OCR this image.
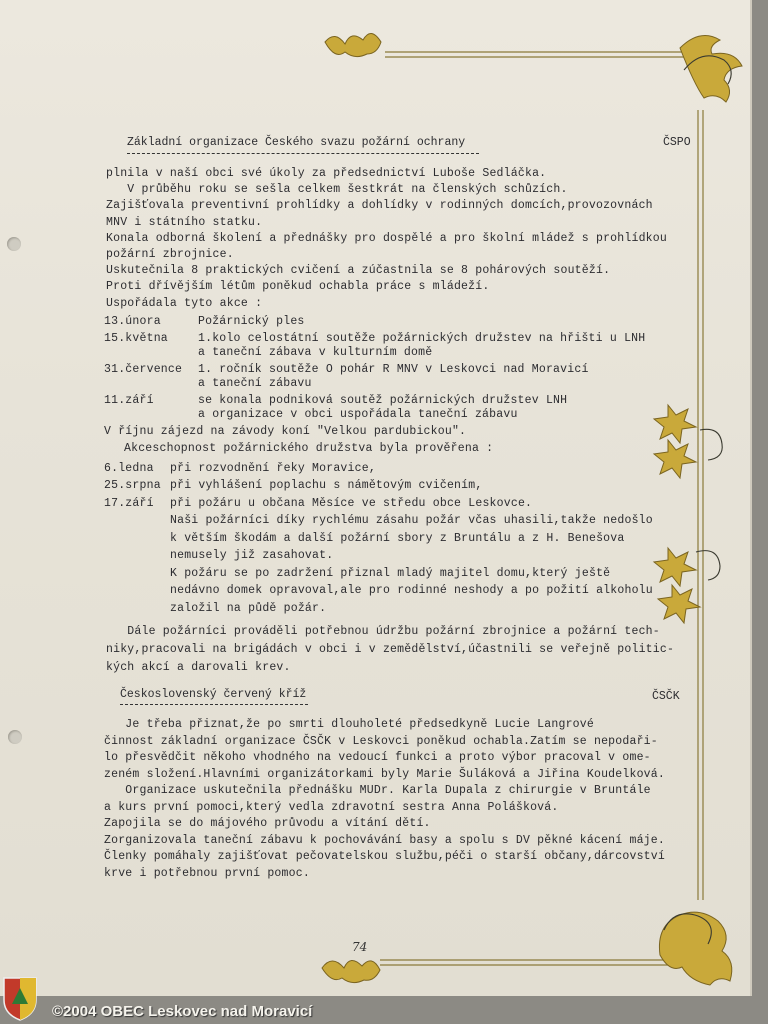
Základní organizace Českého svazu požární ochrany	ČSPO
plnila v naší obci své úkoly za předsednictví Luboše Sedláčka.
V průběhu roku se sešla celkem šestkrát na členských schůzích.
Zajišťovala preventivní prohlídky a dohlídky v rodinných domcích,provozovnách
MNV i státního statku.
Konala odborná školení a přednášky pro dospělé a pro školní mládež s prohlídkou
požární zbrojnice.
Uskutečnila 8 praktických cvičení a zúčastnila se 8 pohárových soutěží.
Proti dřívějším létům poněkud ochabla práce s mládeží.
Uspořádala tyto akce :
13.února	Požárnický ples
15.května	1.kolo celostátní soutěže požárnických družstev na hřišti u LNH
a taneční zábava v kulturním domě
31.července 1. ročník soutěže O pohár R MNV v Leskovci nad Moravicí
a taneční zábavu
11.září	se konala podniková soutěž požárnických družstev LNH
a organizace v obci uspořádala taneční zábavu
V říjnu zájezd na závody koní "Velkou pardubickou".
Akceschopnost požárnického družstva byla prověřena :
6.ledna při rozvodnění řeky Moravice,
25.srpna při vyhlášení poplachu s námětovým cvičením,
17.září při požáru u občana Měsíce ve středu obce Leskovce.
Naši požárníci díky rychlému zásahu požár včas uhasili,takže nedošlo
k větším škodám a další požární sbory z Bruntálu a z H. Benešova
nemusely již zasahovat.
K požáru se po zadržení přiznal mladý majitel domu,který ještě
nedávno domek opravoval,ale pro rodinné neshody a po požití alkoholu
založil na půdě požár.
Dále požárníci prováděli potřebnou údržbu požární zbrojnice a požární tech-
niky,pracovali na brigádách v obci i v zemědělství,účastnili se veřejně politic-
kých akcí a darovali krev.
Československý červený kříž	ČSČK
Je třeba přiznat,že po smrti dlouholeté předsedkyně Lucie Langrové
činnost základní organizace ČSČK v Leskovci poněkud ochabla.Zatím se nepodaři-
lo přesvědčit někoho vhodného na vedoucí funkci a proto výbor pracoval v ome-
zeném složení.Hlavními organizátorkami byly Marie Šuláková a Jiřina Koudelková.
Organizace uskutečnila přednášku MUDr. Karla Dupala z chirurgie v Bruntále
a kurs první pomoci,který vedla zdravotní sestra Anna Polášková.
Zapojila se do májového průvodu a vítání dětí.
Zorganizovala taneční zábavu k pochovávání basy a spolu s DV pěkné kácení máje.
Členky pomáhaly zajišťovat pečovatelskou službu,péči o starší občany,dárcovství
krve i potřebnou první pomoc.
74
©2004 OBEC Leskovec nad Moravicí
